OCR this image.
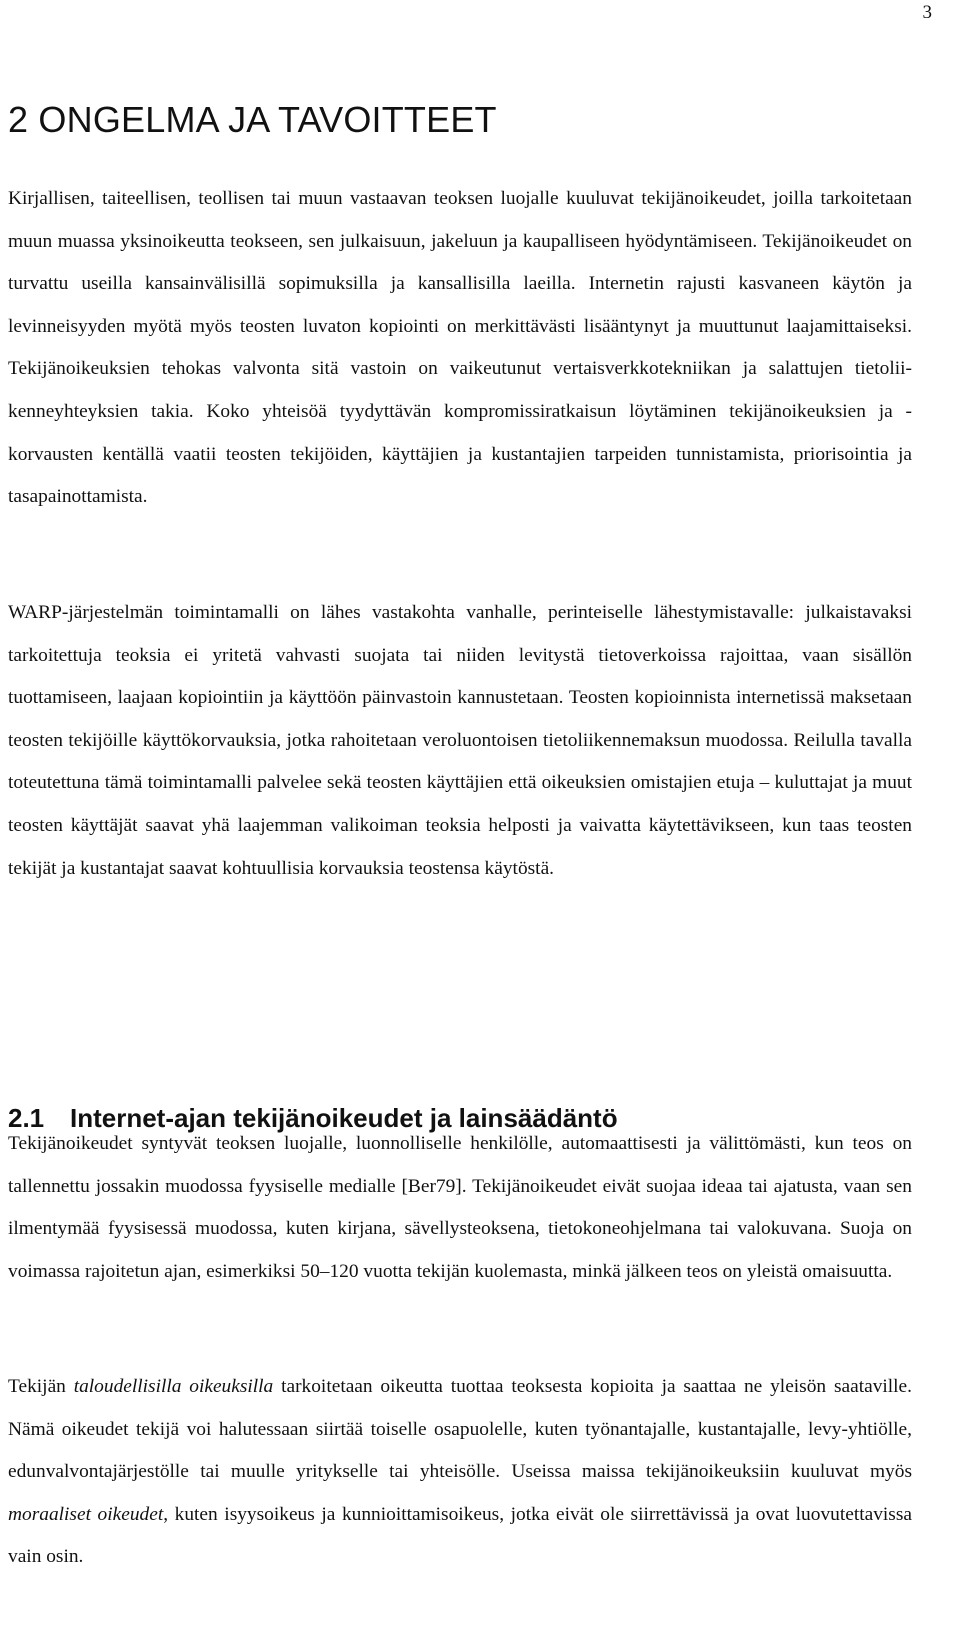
3
2 ONGELMA JA TAVOITTEET

Kirjallisen, taiteellisen, teollisen tai muun vastaavan teoksen luojalle kuuluvat tekijänoikeudet, joilla tarkoitetaan muun muassa yksinoikeutta teokseen, sen julkaisuun, jakeluun ja kaupalliseen hyödyntämiseen. Tekijänoikeudet on turvattu useilla kansainvälisillä sopimuksilla ja kansallisilla laeilla. Internetin rajusti kasvaneen käytön ja levinneisyyden myötä myös teosten luvaton kopiointi on merkittävästi lisääntynyt ja muuttunut laajamittaiseksi. Tekijänoikeuksien tehokas valvonta sitä vastoin on vaikeutunut vertaisverkkotekniikan ja salattujen tietoliikenneyhteyksien takia. Koko yhteisöä tyydyttävän kompromissiratkaisun löytäminen tekijänoikeuksien ja -korvausten kentällä vaatii teosten tekijöiden, käyttäjien ja kustantajien tarpeiden tunnistamista, priorisointia ja tasapainottamista.

WARP-järjestelmän toimintamalli on lähes vastakohta vanhalle, perinteiselle lähestymistavalle: julkaistavaksi tarkoitettuja teoksia ei yritetä vahvasti suojata tai niiden levitystä tietoverkoissa rajoittaa, vaan sisällön tuottamiseen, laajaan kopiointiin ja käyttöön päinvastoin kannustetaan. Teosten kopioinnista internetissä maksetaan teosten tekijöille käyttökorvauksia, jotka rahoitetaan veroluontoisen tietoliikennemaksun muodossa. Reilulla tavalla toteutettuna tämä toimintamalli palvelee sekä teosten käyttäjien että oikeuksien omistajien etuja – kuluttajat ja muut teosten käyttäjät saavat yhä laajemman valikoiman teoksia helposti ja vaivatta käytettävikseen, kun taas teosten tekijät ja kustantajat saavat kohtuullisia korvauksia teostensa käytöstä.

2.1 Internet-ajan tekijänoikeudet ja lainsäädäntö

Tekijänoikeudet syntyvät teoksen luojalle, luonnolliselle henkilölle, automaattisesti ja välittömästi, kun teos on tallennettu jossakin muodossa fyysiselle medialle [Ber79]. Tekijänoikeudet eivät suojaa ideaa tai ajatusta, vaan sen ilmentymää fyysisessä muodossa, kuten kirjana, sävellysteoksena, tietokoneohjelmana tai valokuvana. Suoja on voimassa rajoitetun ajan, esimerkiksi 50–120 vuotta tekijän kuolemasta, minkä jälkeen teos on yleistä omaisuutta.

Tekijän taloudellisilla oikeuksilla tarkoitetaan oikeutta tuottaa teoksesta kopioita ja saattaa ne yleisön saataville. Nämä oikeudet tekijä voi halutessaan siirtää toiselle osapuolelle, kuten työnantajalle, kustantajalle, levy-yhtiölle, edunvalvontajärjestölle tai muulle yritykselle tai yhteisölle. Useissa maissa tekijänoikeuksiin kuuluvat myös moraaliset oikeudet, kuten isyysoikeus ja kunnioittamisoikeus, jotka eivät ole siirrettävissä ja ovat luovutettavissa vain osin.
